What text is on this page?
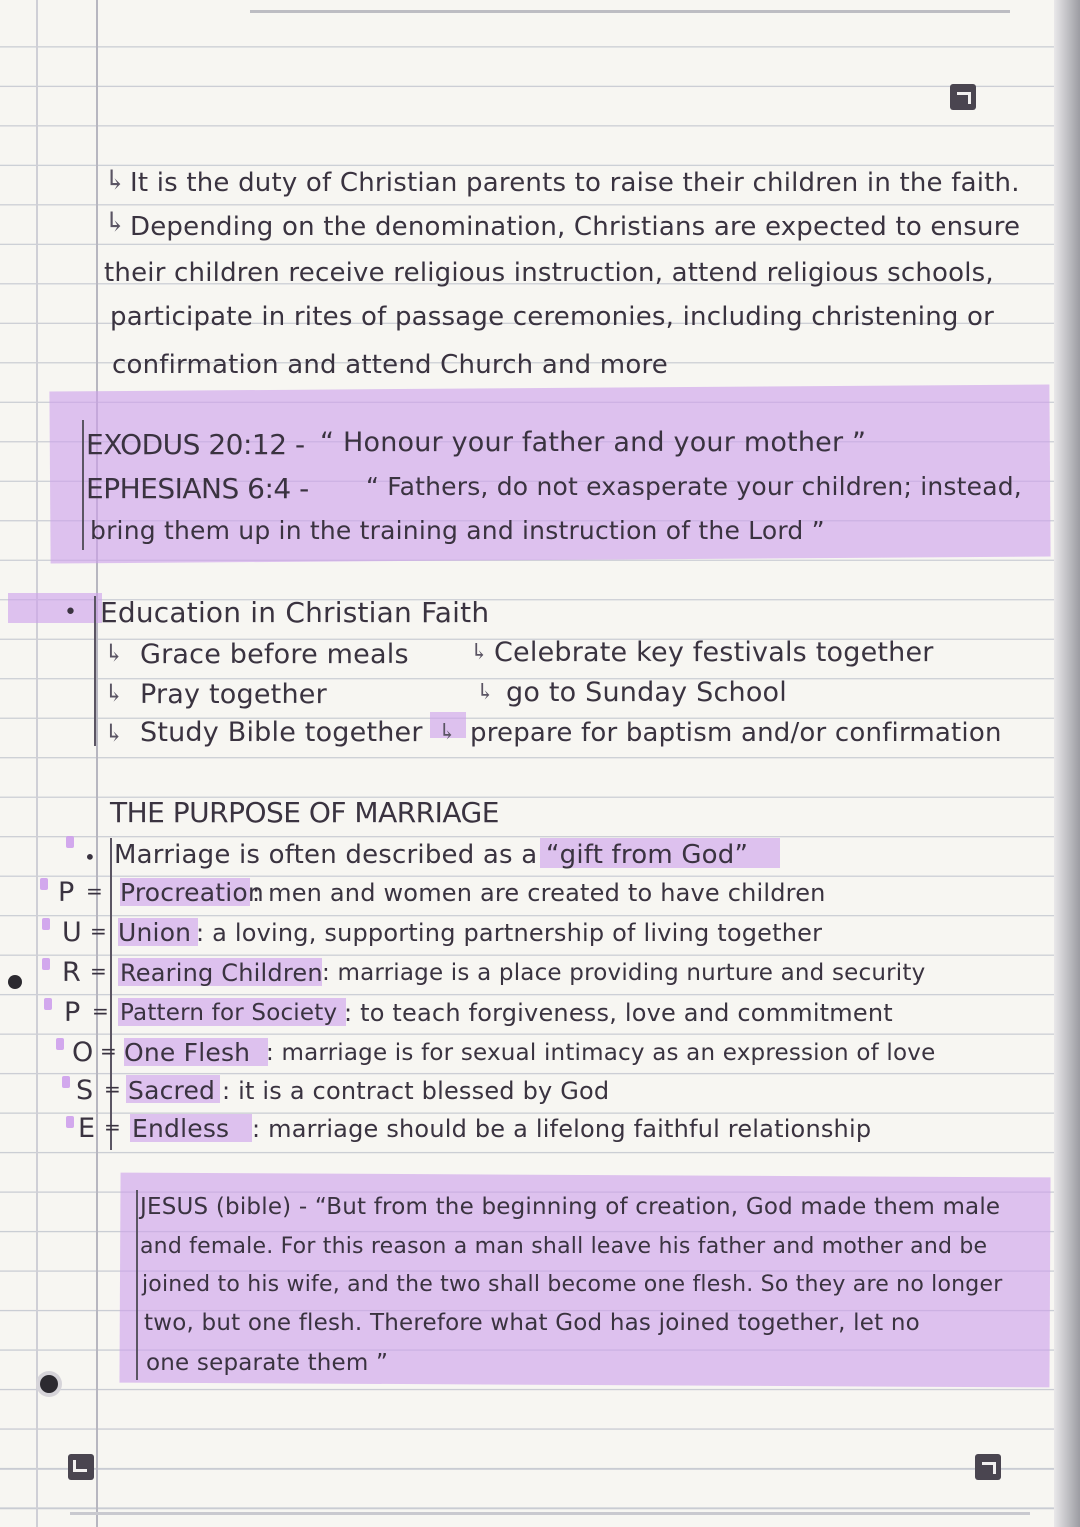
↳ It is the duty of Christian parents to raise their children in the faith.
↳ Depending on the denomination, Christians are expected to ensure
their children receive religious instruction, attend religious schools,
participate in rites of passage ceremonies, including christening or
confirmation and attend Church and more
EXODUS 20:12 - “ Honour your father and your mother ”
EPHESIANS 6:4 - “ Fathers, do not exasperate your children; instead,
bring them up in the training and instruction of the Lord ”
• Education in Christian Faith
↳ Grace before meals
↳ Pray together
↳ Study Bible together
↳ Celebrate key festivals together
↳ go to Sunday School
↳ prepare for baptism and/or confirmation
THE PURPOSE OF MARRIAGE
• Marriage is often described as a “gift from God”
P = Procreation
: men and women are created to have children
U = Union : a loving, supporting partnership of living together
R = Rearing Children : marriage is a place providing nurture and security
P = Pattern for Society : to teach forgiveness, love and commitment
O = One Flesh : marriage is for sexual intimacy as an expression of love
S = Sacred : it is a contract blessed by God
E = Endless : marriage should be a lifelong faithful relationship
JESUS (bible) - “But from the beginning of creation, God made them male
and female. For this reason a man shall leave his father and mother and be
joined to his wife, and the two shall become one flesh. So they are no longer
two, but one flesh. Therefore what God has joined together, let no
one separate them ”
